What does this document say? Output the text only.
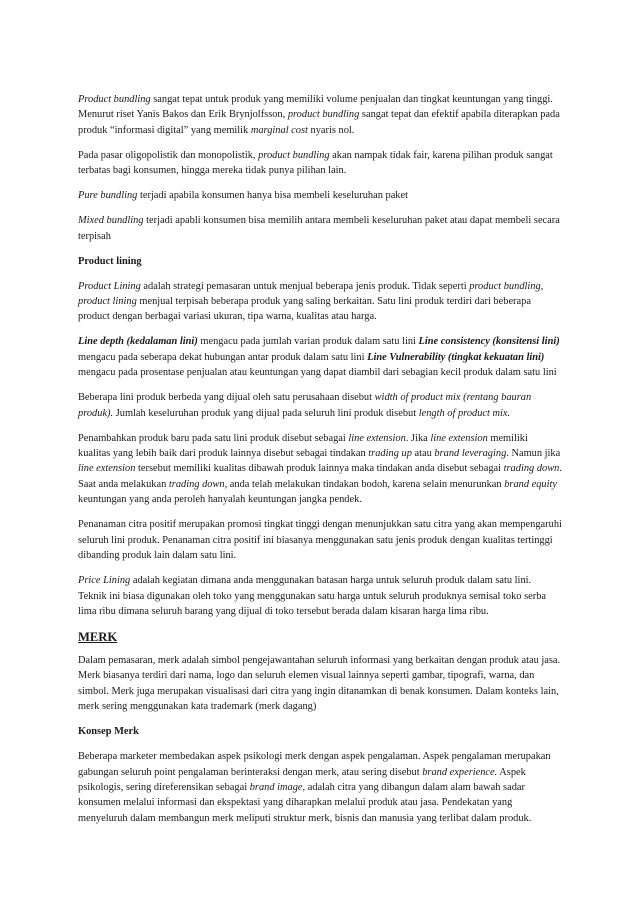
Product bundling sangat tepat untuk produk yang memiliki volume penjualan dan tingkat keuntungan yang tinggi. Menurut riset Yanis Bakos dan Erik Brynjolfsson, product bundling sangat tepat dan efektif apabila diterapkan pada produk “informasi digital” yang memilik marginal cost nyaris nol.

Pada pasar oligopolistik dan monopolistik, product bundling akan nampak tidak fair, karena pilihan produk sangat terbatas bagi konsumen, hingga mereka tidak punya pilihan lain.

Pure bundling terjadi apabila konsumen hanya bisa membeli keseluruhan paket

Mixed bundling terjadi apabli konsumen bisa memilih antara membeli keseluruhan paket atau dapat membeli secara terpisah

Product lining

Product Lining adalah strategi pemasaran untuk menjual beberapa jenis produk. Tidak seperti product bundling, product lining menjual terpisah beberapa produk yang saling berkaitan. Satu lini produk terdiri dari beberapa product dengan berbagai variasi ukuran, tipa warna, kualitas atau harga.

Line depth (kedalaman lini) mengacu pada jumlah varian produk dalam satu lini Line consistency (konsitensi lini) mengacu pada seberapa dekat hubungan antar produk dalam satu lini Line Vulnerability (tingkat kekuatan lini) mengacu pada prosentase penjualan atau keuntungan yang dapat diambil dari sebagian kecil produk dalam satu lini

Beberapa lini produk berbeda yang dijual oleh satu perusahaan disebut width of product mix (rentang bauran produk). Jumlah keseluruhan produk yang dijual pada seluruh lini produk disebut length of product mix.

Penambahkan produk baru pada satu lini produk disebut sebagai line extension. Jika line extension memiliki kualitas yang lebih baik dari produk lainnya disebut sebagai tindakan trading up atau brand leveraging. Namun jika line extension tersebut memiliki kualitas dibawah produk lainnya maka tindakan anda disebut sebagai trading down. Saat anda melakukan trading down, anda telah melakukan tindakan bodoh, karena selain menurunkan brand equity keuntungan yang anda peroleh hanyalah keuntungan jangka pendek.

Penanaman citra positif merupakan promosi tingkat tinggi dengan menunjukkan satu citra yang akan mempengaruhi seluruh lini produk. Penanaman citra positif ini biasanya menggunakan satu jenis produk dengan kualitas tertinggi dibanding produk lain dalam satu lini.

Price Lining adalah kegiatan dimana anda menggunakan batasan harga untuk seluruh produk dalam satu lini. Teknik ini biasa digunakan oleh toko yang menggunakan satu harga untuk seluruh produknya semisal toko serba lima ribu dimana seluruh barang yang dijual di toko tersebut berada dalam kisaran harga lima ribu.

MERK

Dalam pemasaran, merk adalah simbol pengejawantahan seluruh informasi yang berkaitan dengan produk atau jasa. Merk biasanya terdiri dari nama, logo dan seluruh elemen visual lainnya seperti gambar, tipografi, warna, dan simbol. Merk juga merupakan visualisasi dari citra yang ingin ditanamkan di benak konsumen. Dalam konteks lain, merk sering menggunakan kata trademark (merk dagang)

Konsep Merk

Beberapa marketer membedakan aspek psikologi merk dengan aspek pengalaman. Aspek pengalaman merupakan gabungan seluruh point pengalaman berinteraksi dengan merk, atau sering disebut brand experience. Aspek psikologis, sering direferensikan sebagai brand image, adalah citra yang dibangun dalam alam bawah sadar konsumen melalui informasi dan ekspektasi yang diharapkan melalui produk atau jasa. Pendekatan yang menyeluruh dalam membangun merk meliputi struktur merk, bisnis dan manusia yang terlibat dalam produk.
